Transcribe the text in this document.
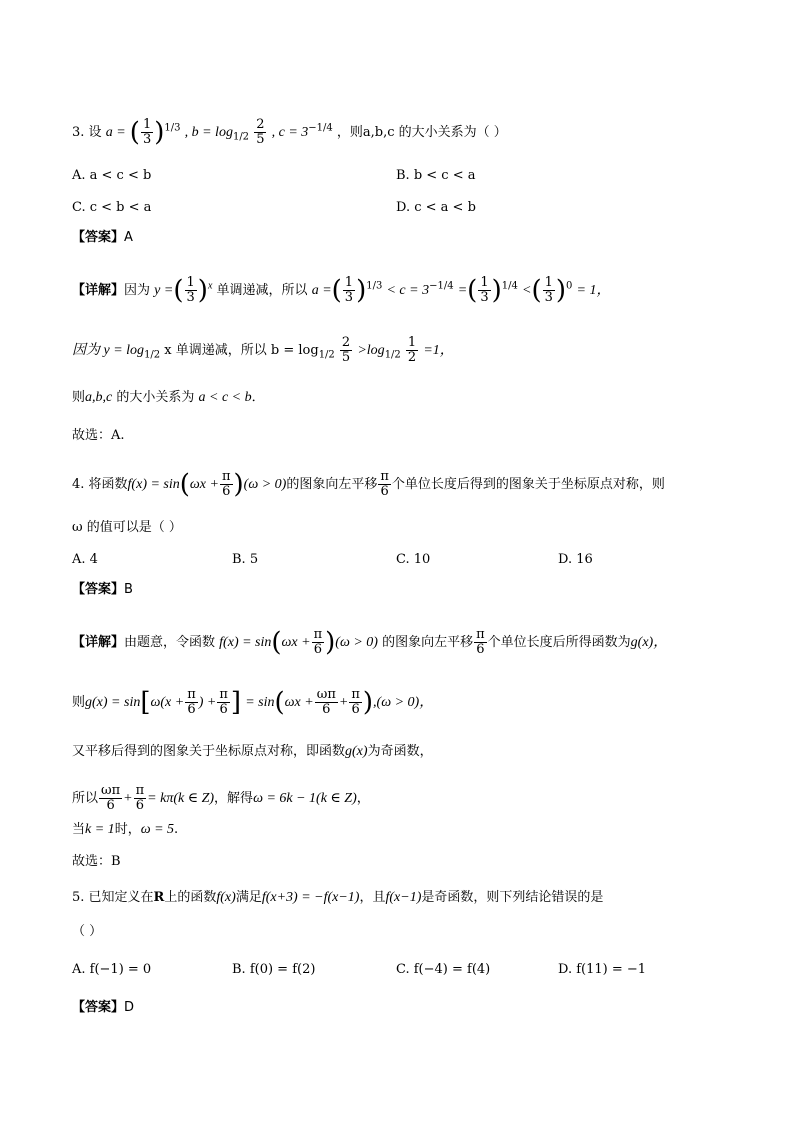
3. 设 a = ( $\frac{1}{3} )^{1/3}$ , $b = \log_{1/2} \frac{2}{5}$ , $c = 3^{-1/4}$ ，则a,b,c 的大小关系为（ ）
A. a < c < b	B. b < c < a
C. c < b < a	D. c < a < b
【答案】A
【详解】因为 y =( $\frac{1}{3} )^x$ 单调递减，所以 a =( $\frac{1}{3} )^{1/3} < c = 3^{-1/4}$ =( $\frac{1}{3} )^{1/4}$ <( $\frac{1}{3} )^0 = 1$，
因为 $y = \log_{1/2} x$ 单调递减，所以 $b = \log_{1/2} \frac{2}{5} >\log_{1/2} \frac{1}{2} =1$，
则a,b,c 的大小关系为 a < c < b．
故选：A.
4. 将函数$f(x) = \sin(\omega x + \frac{\pi}{6} )(\omega > 0)$的图象向左平移 $\frac{\pi}{6}$ 个单位长度后得到的图象关于坐标原点对称，则
ω 的值可以是（ ）
A. 4	B. 5	C. 10	D. 16
【答案】B
【详解】由题意，令函数 $f(x) = \sin(\omega x + \frac{\pi}{6} )(\omega > 0)$ 的图象向左平移 $\frac{\pi}{6}$ 个单位长度后所得函数为g(x)，
则$g(x) = \sin[\omega(x + \frac{\pi}{6}$ ) + $\frac{\pi}{6}$ ] = $\sin(\omega x + \frac{\omega\pi}{6} + \frac{\pi}{6} ),(\omega > 0)$，
又平移后得到的图象关于坐标原点对称，即函数g(x)为奇函数，
所以 $\frac{\omega\pi}{6} + \frac{\pi}{6} = k\pi(k$ ∈ Z)，解得ω = 6k − 1(k ∈ Z)，
当k = 1时，ω = 5.
故选：B
5. 已知定义在R上的函数f(x)满足f(x+3) = −f(x−1)，且f(x−1)是奇函数，则下列结论错误的是
（ ）
A. f(−1) = 0	B. f(0) = f(2)	C. f(−4) = f(4)	D. f(11) = −1
【答案】D
